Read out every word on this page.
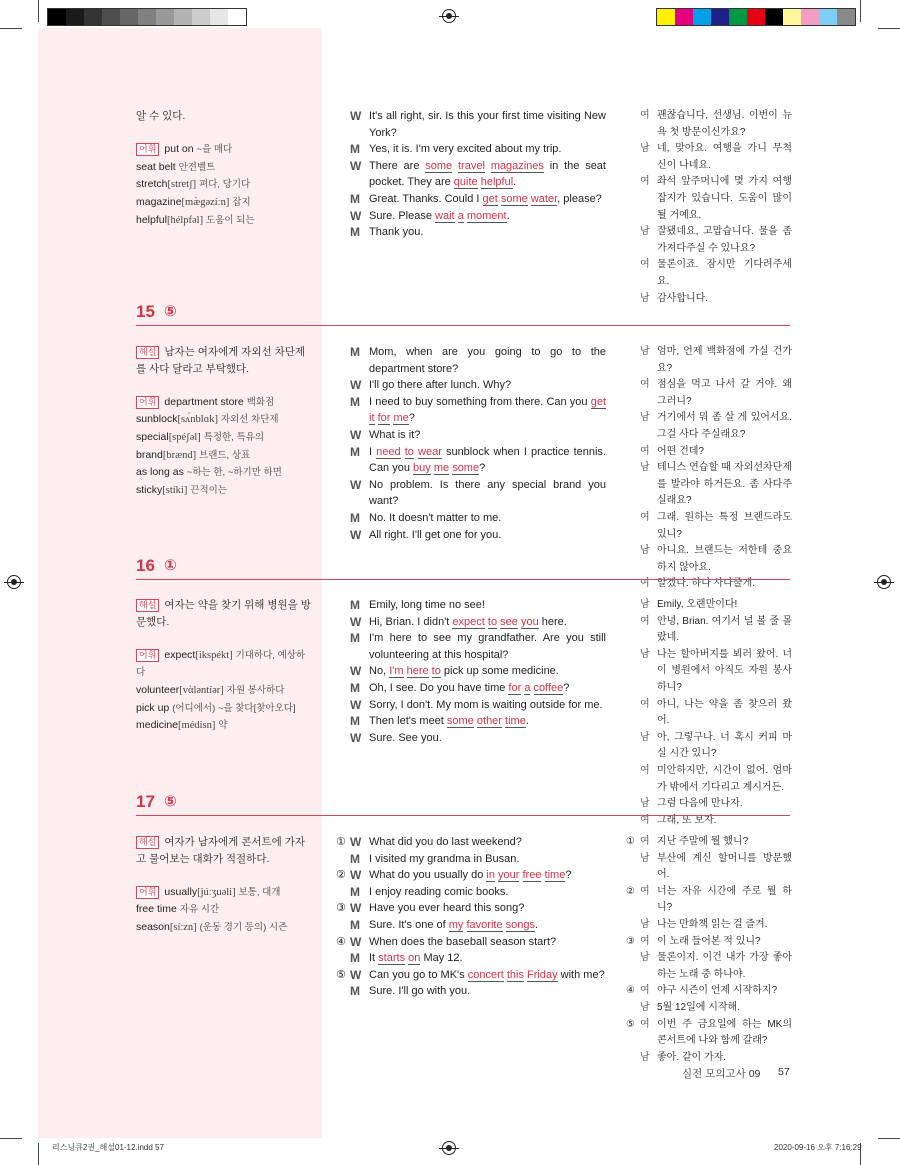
알 수 있다.
어휘 put on ~을 매다
seat belt 안전벨트
stretch[stretʃ] 펴다, 당기다
magazine[mæ̀gəzíːn] 잡지
helpful[hélpfəl] 도움이 되는
W It's all right, sir. Is this your first time visiting New York?
M Yes, it is. I'm very excited about my trip.
W There are some travel magazines in the seat pocket. They are quite helpful.
M Great. Thanks. Could I get some water, please?
W Sure. Please wait a moment.
M Thank you.
여 괜찮습니다, 선생님. 이번이 뉴욕 첫 방문이신가요?
남 네, 맞아요. 여행을 가니 무척 신이 나네요.
여 좌석 앞주머니에 몇 가지 여행 잡지가 있습니다. 도움이 많이 될 거예요.
남 잘됐네요, 고맙습니다. 물을 좀 가져다주실 수 있나요?
여 물론이죠. 잠시만 기다려주세요.
남 감사합니다.
15 ⑤
해설 남자는 여자에게 자외선 차단제를 사다 달라고 부탁했다.
어휘 department store 백화점
sunblock[sʌ́nblɑk] 자외선 차단제
special[spéʃəl] 특정한, 특유의
brand[brænd] 브랜드, 상표
as long as ~하는 한, ~하기만 하면
sticky[stíki] 끈적이는
M Mom, when are you going to go to the department store?
W I'll go there after lunch. Why?
M I need to buy something from there. Can you get it for me?
W What is it?
M I need to wear sunblock when I practice tennis. Can you buy me some?
W No problem. Is there any special brand you want?
M No. It doesn't matter to me.
W All right. I'll get one for you.
남 엄마, 언제 백화점에 가실 건가요?
여 점심을 먹고 나서 갈 거야. 왜 그러니?
남 거기에서 뭐 좀 살 게 있어서요. 그걸 사다 주실래요?
여 어떤 건데?
남 테니스 연습할 때 자외선차단제를 발라야 하거든요. 좀 사다주실래요?
여 그래. 원하는 특정 브랜드라도 있니?
남 아니요. 브랜드는 저한테 중요하지 않아요.
여 알겠다. 하나 사다줄게.
16 ①
해설 여자는 약을 찾기 위해 병원을 방문했다.
어휘 expect[ikspékt] 기대하다, 예상하다
volunteer[vὰləntíər] 자원 봉사하다
pick up (어디에서) ~을 찾다[찾아오다]
medicine[médisn] 약
M Emily, long time no see!
W Hi, Brian. I didn't expect to see you here.
M I'm here to see my grandfather. Are you still volunteering at this hospital?
W No, I'm here to pick up some medicine.
M Oh, I see. Do you have time for a coffee?
W Sorry, I don't. My mom is waiting outside for me.
M Then let's meet some other time.
W Sure. See you.
남 Emily, 오랜만이다!
여 안녕, Brian. 여기서 널 볼 줄 몰랐네.
남 나는 할아버지를 뵈러 왔어. 너 이 병원에서 아직도 자원 봉사하니?
여 아니, 나는 약을 좀 찾으러 왔어.
남 아, 그렇구나. 너 혹시 커피 마실 시간 있니?
여 미안하지만, 시간이 없어. 엄마가 밖에서 기다리고 계시거든.
남 그럼 다음에 만나자.
여 그래, 또 보자.
17 ⑤
해설 여자가 남자에게 콘서트에 가자고 물어보는 대화가 적절하다.
어휘 usually[júːʒuəli] 보통, 대개
free time 자유 시간
season[síːzn] (운동 경기 등의) 시즌
① W What did you do last weekend?
M I visited my grandma in Busan.
② W What do you usually do in your free time?
M I enjoy reading comic books.
③ W Have you ever heard this song?
M Sure. It's one of my favorite songs.
④ W When does the baseball season start?
M It starts on May 12.
⑤ W Can you go to MK's concert this Friday with me?
M Sure. I'll go with you.
① 여 지난 주말에 뭘 했니?
남 부산에 계신 할머니를 방문했어.
② 여 너는 자유 시간에 주로 뭘 하니?
남 나는 만화책 읽는 걸 즐겨.
③ 여 이 노래 들어본 적 있니?
남 물론이지. 이건 내가 가장 좋아하는 노래 중 하나야.
④ 여 야구 시즌이 언제 시작하지?
남 5월 12일에 시작해.
⑤ 여 이번 주 금요일에 하는 MK의 콘서트에 나와 함께 갈래?
남 좋아. 같이 가자.
실전 모의고사 09 57
리스닝큐2권_해설01-12.indd 57	2020-09-16 오후 7:16:29
